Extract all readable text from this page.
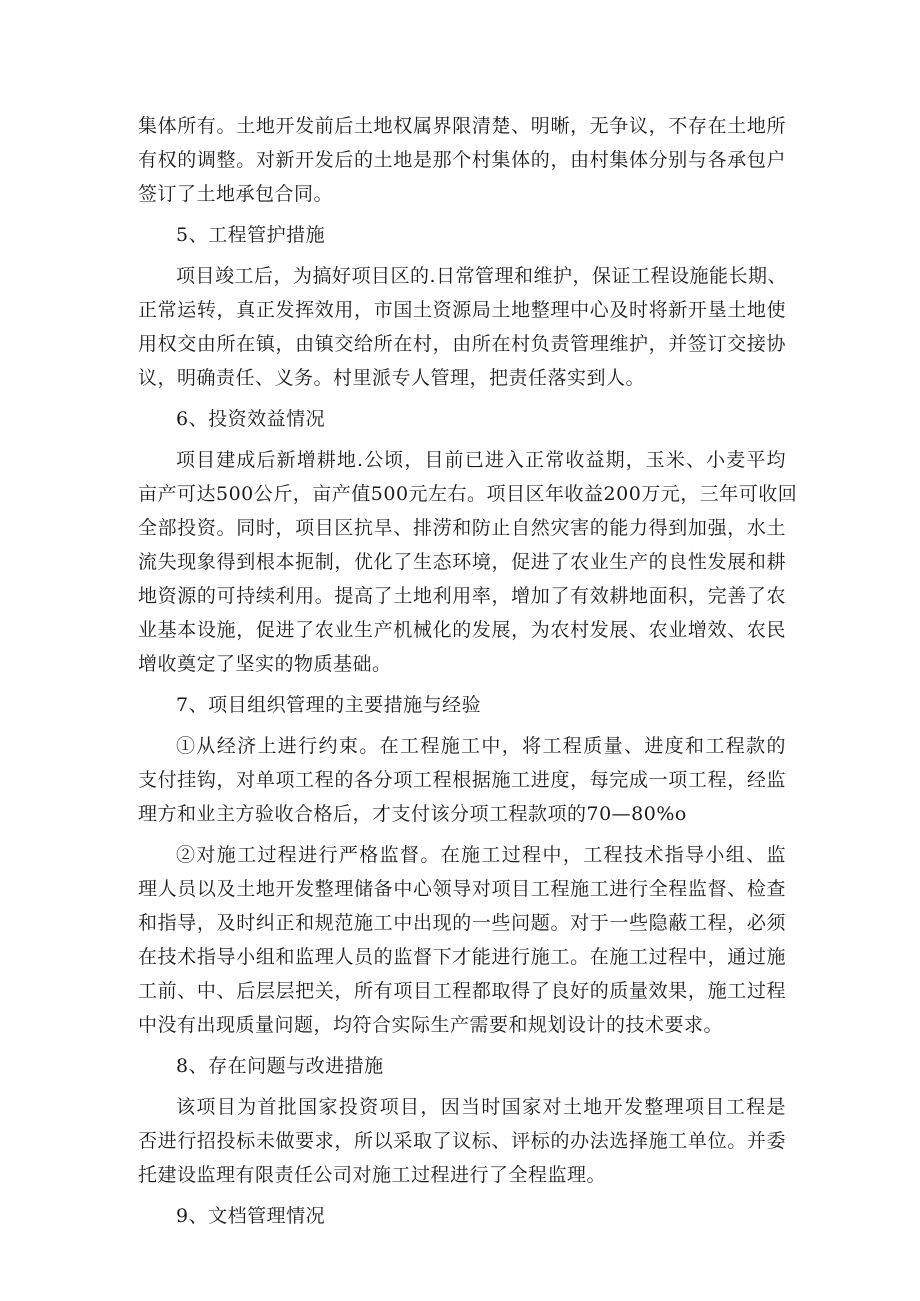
集体所有。土地开发前后土地权属界限清楚、明晰，无争议，不存在土地所
有权的调整。对新开发后的土地是那个村集体的，由村集体分别与各承包户
签订了土地承包合同。
5、工程管护措施
项目竣工后，为搞好项目区的.日常管理和维护，保证工程设施能长期、
正常运转，真正发挥效用，市国土资源局土地整理中心及时将新开垦土地使
用权交由所在镇，由镇交给所在村，由所在村负责管理维护，并签订交接协
议，明确责任、义务。村里派专人管理，把责任落实到人。
6、投资效益情况
项目建成后新增耕地.公顷，目前已进入正常收益期，玉米、小麦平均
亩产可达500公斤，亩产值500元左右。项目区年收益200万元，三年可收回
全部投资。同时，项目区抗旱、排涝和防止自然灾害的能力得到加强，水土
流失现象得到根本扼制，优化了生态环境，促进了农业生产的良性发展和耕
地资源的可持续利用。提高了土地利用率，增加了有效耕地面积，完善了农
业基本设施，促进了农业生产机械化的发展，为农村发展、农业增效、农民
增收奠定了坚实的物质基础。
7、项目组织管理的主要措施与经验
①从经济上进行约束。在工程施工中，将工程质量、进度和工程款的
支付挂钩，对单项工程的各分项工程根据施工进度，每完成一项工程，经监
理方和业主方验收合格后，才支付该分项工程款项的70—80%o
②对施工过程进行严格监督。在施工过程中，工程技术指导小组、监
理人员以及土地开发整理储备中心领导对项目工程施工进行全程监督、检查
和指导，及时纠正和规范施工中出现的一些问题。对于一些隐蔽工程，必须
在技术指导小组和监理人员的监督下才能进行施工。在施工过程中，通过施
工前、中、后层层把关，所有项目工程都取得了良好的质量效果，施工过程
中没有出现质量问题，均符合实际生产需要和规划设计的技术要求。
8、存在问题与改进措施
该项目为首批国家投资项目，因当时国家对土地开发整理项目工程是
否进行招投标未做要求，所以采取了议标、评标的办法选择施工单位。并委
托建设监理有限责任公司对施工过程进行了全程监理。
9、文档管理情况
